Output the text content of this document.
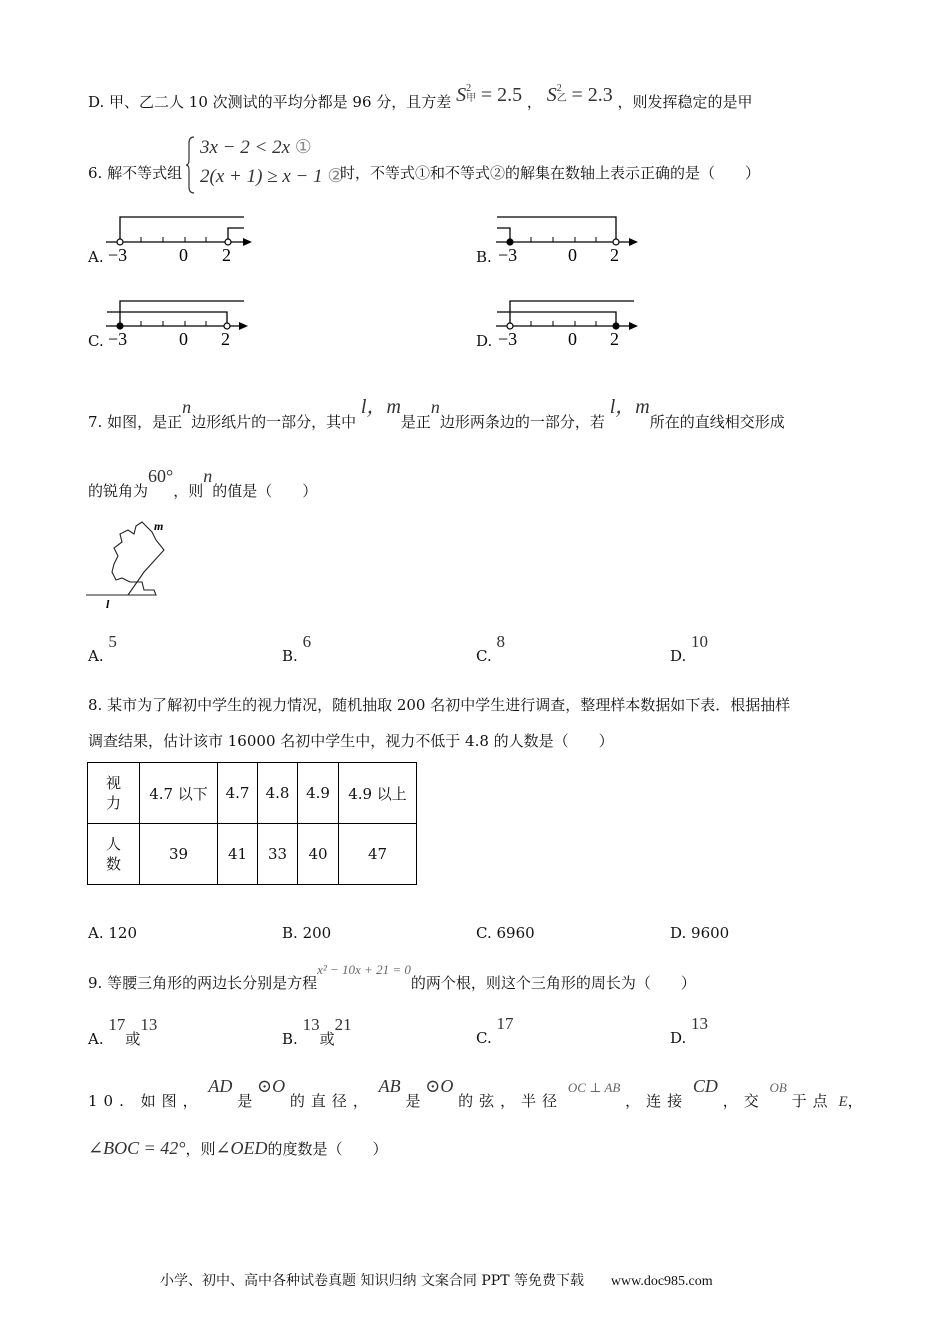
D. 甲、乙二人 10 次测试的平均分都是 96 分，且方差 S2
甲 = 2.5 ， S2
乙 = 2.3 ，则发挥稳定的是甲
6. 解不等式组
3x − 2 < 2x ①
2(x + 1) ≥ x − 1 ②
时，不等式①和不等式②的解集在数轴上表示正确的是（　　）
A. −3	0 2	B. −3	0 2
C. −3	0 2	D. −3	0 2
7. 如图，是正n边形纸片的一部分，其中 l，m是正n边形两条边的一部分，若 l，m所在的直线相交形成
的锐角为60°，则n的值是（　　）
m
l
A. 5
B. 6
C. 8
D. 10
8. 某市为了解初中学生的视力情况，随机抽取 200 名初中学生进行调查，整理样本数据如下表．根据抽样
调查结果，估计该市 16000 名初中学生中，视力不低于 4.8 的人数是（　　）
视力	4.7 以下	4.7	4.8	4.9	4.9 以上

人数	39	41	33	40	47
A. 120	B. 200	C. 6960	D. 9600
9. 等腰三角形的两边长分别是方程x² − 10x + 21 = 0的两个根，则这个三角形的周长为（　　）
A. 17或13
B. 13或21
C. 17
D. 13
10. 如图， AD 是 ⊙O 的直径， AB 是 ⊙O 的弦，半径 OC ⊥ AB ，连接 CD ，交 OB 于点 E，
∠BOC = 42°，则∠OED的度数是（　　）
小学、初中、高中各种试卷真题 知识归纳 文案合同 PPT 等免费下载 www.doc985.com
